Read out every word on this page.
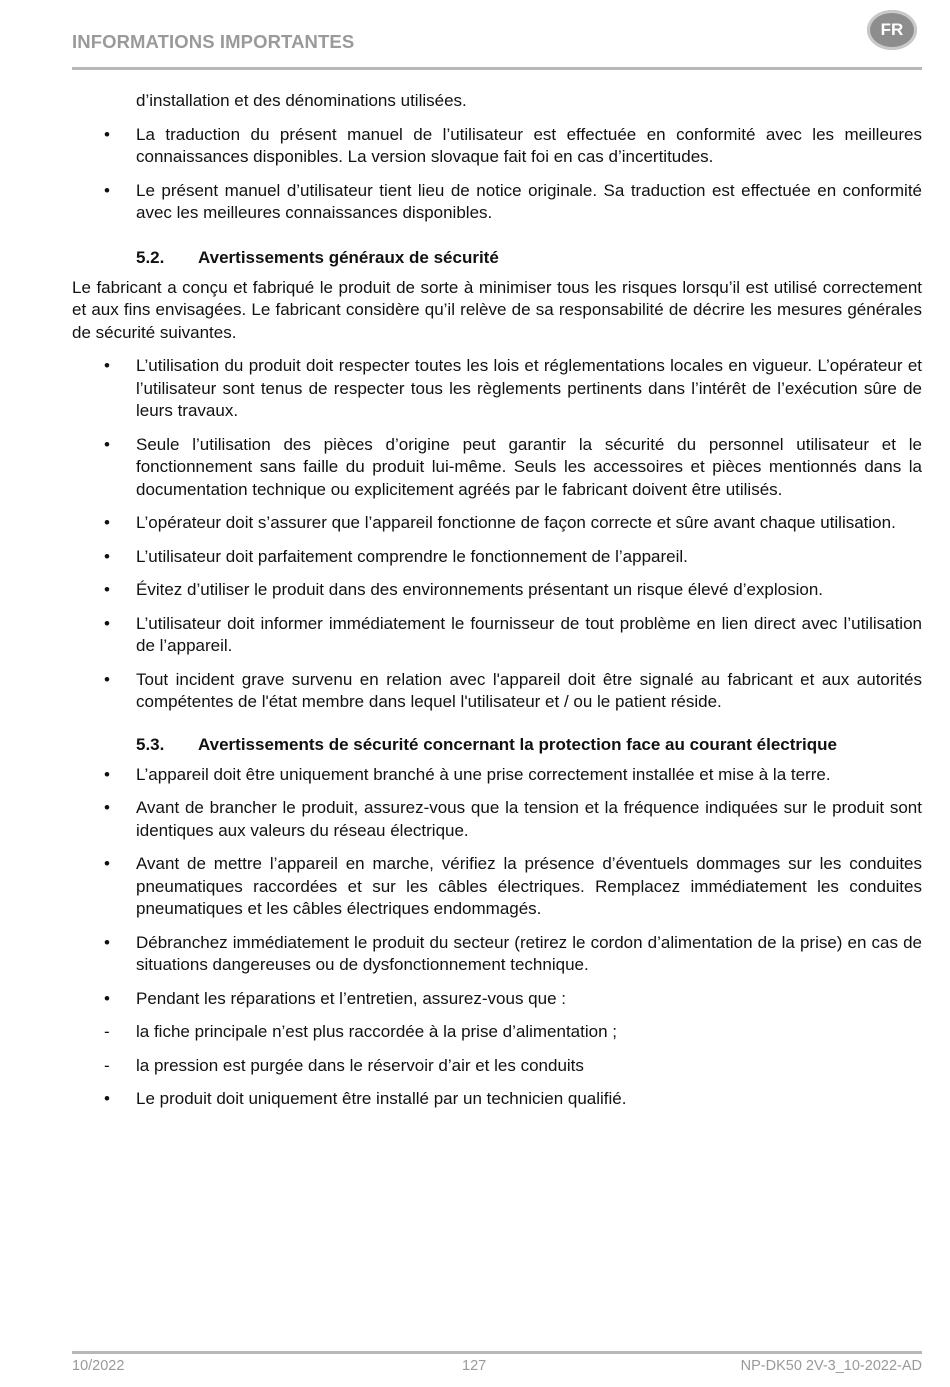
INFORMATIONS IMPORTANTES
FR
d’installation et des dénominations utilisées.
• La traduction du présent manuel de l’utilisateur est effectuée en conformité avec les meilleures connaissances disponibles. La version slovaque fait foi en cas d’incertitudes.
• Le présent manuel d’utilisateur tient lieu de notice originale. Sa traduction est effectuée en conformité avec les meilleures connaissances disponibles.
5.2. Avertissements généraux de sécurité

Le fabricant a conçu et fabriqué le produit de sorte à minimiser tous les risques lorsqu’il est utilisé correctement et aux fins envisagées. Le fabricant considère qu’il relève de sa responsabilité de décrire les mesures générales de sécurité suivantes.

• L’utilisation du produit doit respecter toutes les lois et réglementations locales en vigueur. L’opérateur et l’utilisateur sont tenus de respecter tous les règlements pertinents dans l’intérêt de l’exécution sûre de leurs travaux.
• Seule l’utilisation des pièces d’origine peut garantir la sécurité du personnel utilisateur et le fonctionnement sans faille du produit lui-même. Seuls les accessoires et pièces mentionnés dans la documentation technique ou explicitement agréés par le fabricant doivent être utilisés.
• L’opérateur doit s’assurer que l’appareil fonctionne de façon correcte et sûre avant chaque utilisation.
• L’utilisateur doit parfaitement comprendre le fonctionnement de l’appareil.
• Évitez d’utiliser le produit dans des environnements présentant un risque élevé d’explosion.
• L’utilisateur doit informer immédiatement le fournisseur de tout problème en lien direct avec l’utilisation de l’appareil.
• Tout incident grave survenu en relation avec l'appareil doit être signalé au fabricant et aux autorités compétentes de l'état membre dans lequel l'utilisateur et / ou le patient réside.
5.3. Avertissements de sécurité concernant la protection face au courant électrique
• L’appareil doit être uniquement branché à une prise correctement installée et mise à la terre.
• Avant de brancher le produit, assurez-vous que la tension et la fréquence indiquées sur le produit sont identiques aux valeurs du réseau électrique.
• Avant de mettre l’appareil en marche, vérifiez la présence d’éventuels dommages sur les conduites pneumatiques raccordées et sur les câbles électriques. Remplacez immédiatement les conduites pneumatiques et les câbles électriques endommagés.
• Débranchez immédiatement le produit du secteur (retirez le cordon d’alimentation de la prise) en cas de situations dangereuses ou de dysfonctionnement technique.
• Pendant les réparations et l’entretien, assurez-vous que :
- la fiche principale n’est plus raccordée à la prise d’alimentation ;
- la pression est purgée dans le réservoir d’air et les conduits
• Le produit doit uniquement être installé par un technicien qualifié.
10/2022	127	NP-DK50 2V-3_10-2022-AD
